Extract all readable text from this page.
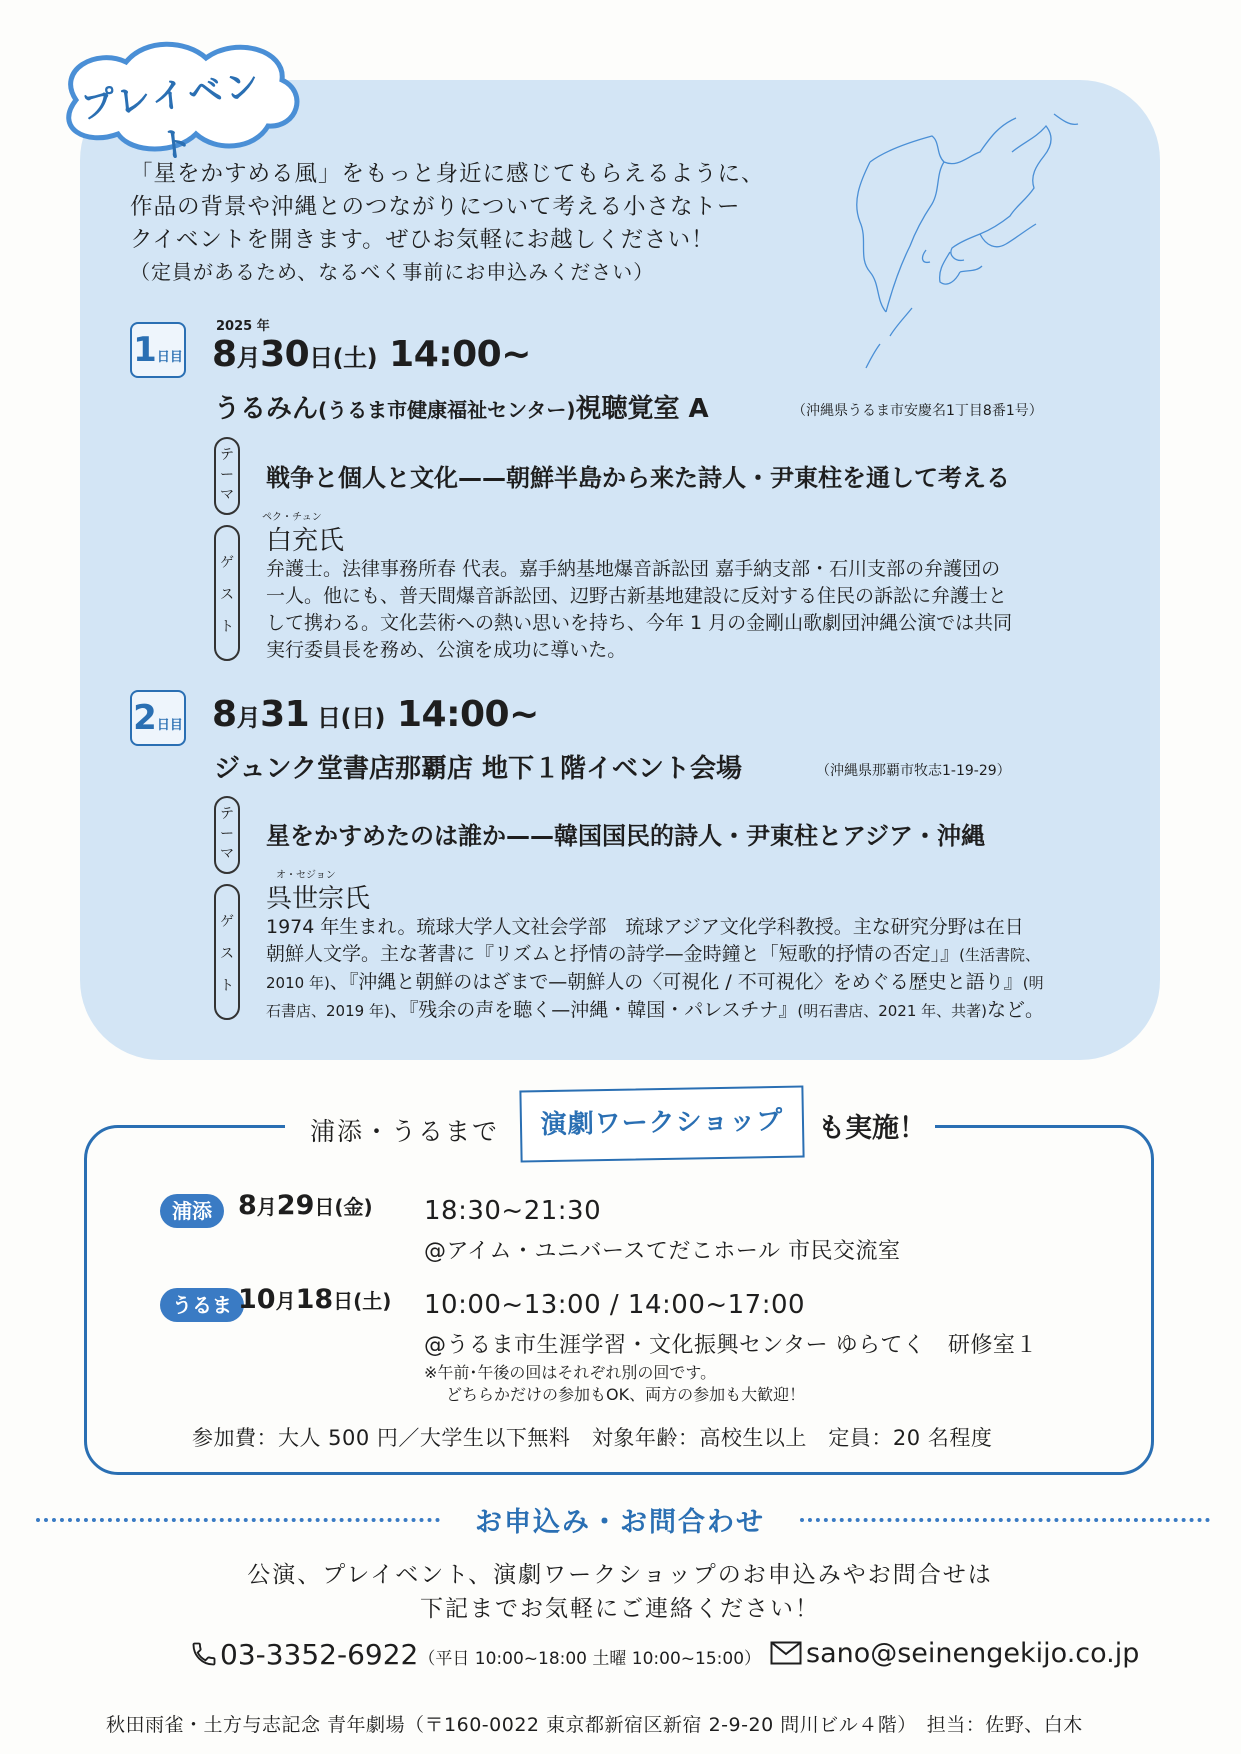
プレイベント
「星をかすめる風」をもっと身近に感じてもらえるように、
作品の背景や沖縄とのつながりについて考える小さなトー
クイベントを開きます。ぜひお気軽にお越しください！
（定員があるため、なるべく事前にお申込みください）
1日目
2025 年
8月30日(土) 14:00~
うるみん(うるま市健康福祉センター)視聴覚室 A	（沖縄県うるま市安慶名1丁目8番1号）
テ
ー
マ
戦争と個人と文化——朝鮮半島から来た詩人・尹東柱を通して考える
ゲ
ス
ト
ペク・チュン
白充氏
弁護士。法律事務所春 代表。嘉手納基地爆音訴訟団 嘉手納支部・石川支部の弁護団の
一人。他にも、普天間爆音訴訟団、辺野古新基地建設に反対する住民の訴訟に弁護士と
して携わる。文化芸術への熱い思いを持ち、今年 1 月の金剛山歌劇団沖縄公演では共同
実行委員長を務め、公演を成功に導いた。
2日目 8月31 日(日) 14:00~
ジュンク堂書店那覇店 地下１階イベント会場	（沖縄県那覇市牧志1-19-29）
テ
ー
マ
星をかすめたのは誰か——韓国国民的詩人・尹東柱とアジア・沖縄
ゲ
ス
ト
オ・セジョン
呉世宗氏
1974 年生まれ。琉球大学人文社会学部　琉球アジア文化学科教授。主な研究分野は在日
朝鮮人文学。主な著書に『リズムと抒情の詩学—金時鐘と「短歌的抒情の否定」』(生活書院、
2010 年)、『沖縄と朝鮮のはざまで—朝鮮人の〈可視化 / 不可視化〉をめぐる歴史と語り』(明
石書店、2019 年)、『残余の声を聴く—沖縄・韓国・パレスチナ』(明石書店、2021 年、共著)など。
浦添・うるまで	演劇ワークショップ	も実施！
浦添 8月29日(金) 18:30~21:30
@アイム・ユニバースてだこホール 市民交流室
うるま 10月18日(土) 10:00~13:00 / 14:00~17:00
@うるま市生涯学習・文化振興センター ゆらてく　研修室１
※午前･午後の回はそれぞれ別の回です。
どちらかだけの参加もOK、両方の参加も大歓迎！
参加費：大人 500 円／大学生以下無料　対象年齢：高校生以上　定員：20 名程度
お申込み・お問合わせ
公演、プレイベント、演劇ワークショップのお申込みやお問合せは
下記までお気軽にご連絡ください！
03-3352-6922（平日 10:00~18:00 土曜 10:00~15:00）	sano@seinengekijo.co.jp
秋田雨雀・土方与志記念 青年劇場（〒160-0022 東京都新宿区新宿 2-9-20 問川ビル４階）　担当：佐野、白木
